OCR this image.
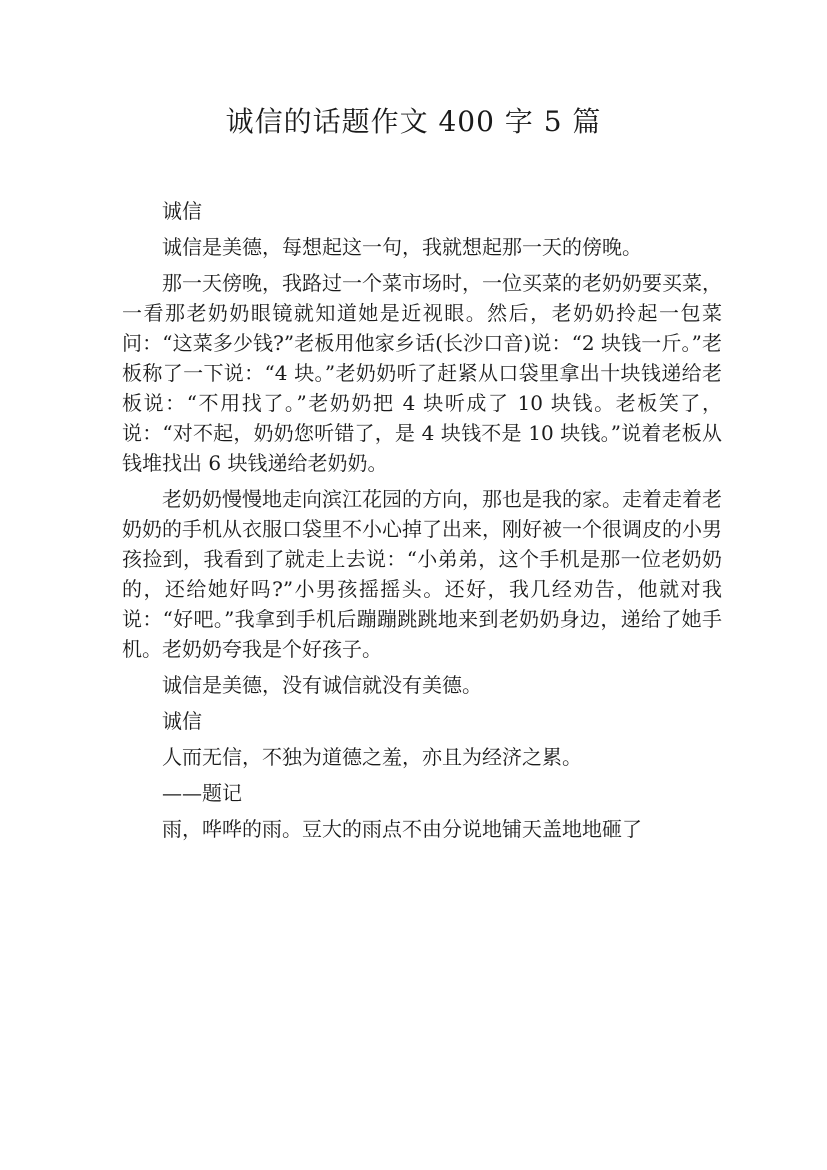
诚信的话题作文 400 字 5 篇

诚信

诚信是美德，每想起这一句，我就想起那一天的傍晚。

那一天傍晚，我路过一个菜市场时，一位买菜的老奶奶要买菜，一看那老奶奶眼镜就知道她是近视眼。然后，老奶奶拎起一包菜问：“这菜多少钱?”老板用他家乡话(长沙口音)说：“2 块钱一斤。”老板称了一下说：“4 块。”老奶奶听了赶紧从口袋里拿出十块钱递给老板说：“不用找了。”老奶奶把 4 块听成了 10 块钱。老板笑了，说：“对不起，奶奶您听错了，是 4 块钱不是 10 块钱。”说着老板从钱堆找出 6 块钱递给老奶奶。

老奶奶慢慢地走向滨江花园的方向，那也是我的家。走着走着老奶奶的手机从衣服口袋里不小心掉了出来，刚好被一个很调皮的小男孩捡到，我看到了就走上去说：“小弟弟，这个手机是那一位老奶奶的，还给她好吗?”小男孩摇摇头。还好，我几经劝告，他就对我说：“好吧。”我拿到手机后蹦蹦跳跳地来到老奶奶身边，递给了她手机。老奶奶夸我是个好孩子。

诚信是美德，没有诚信就没有美德。

诚信

人而无信，不独为道德之羞，亦且为经济之累。

——题记

雨，哗哗的雨。豆大的雨点不由分说地铺天盖地地砸了
